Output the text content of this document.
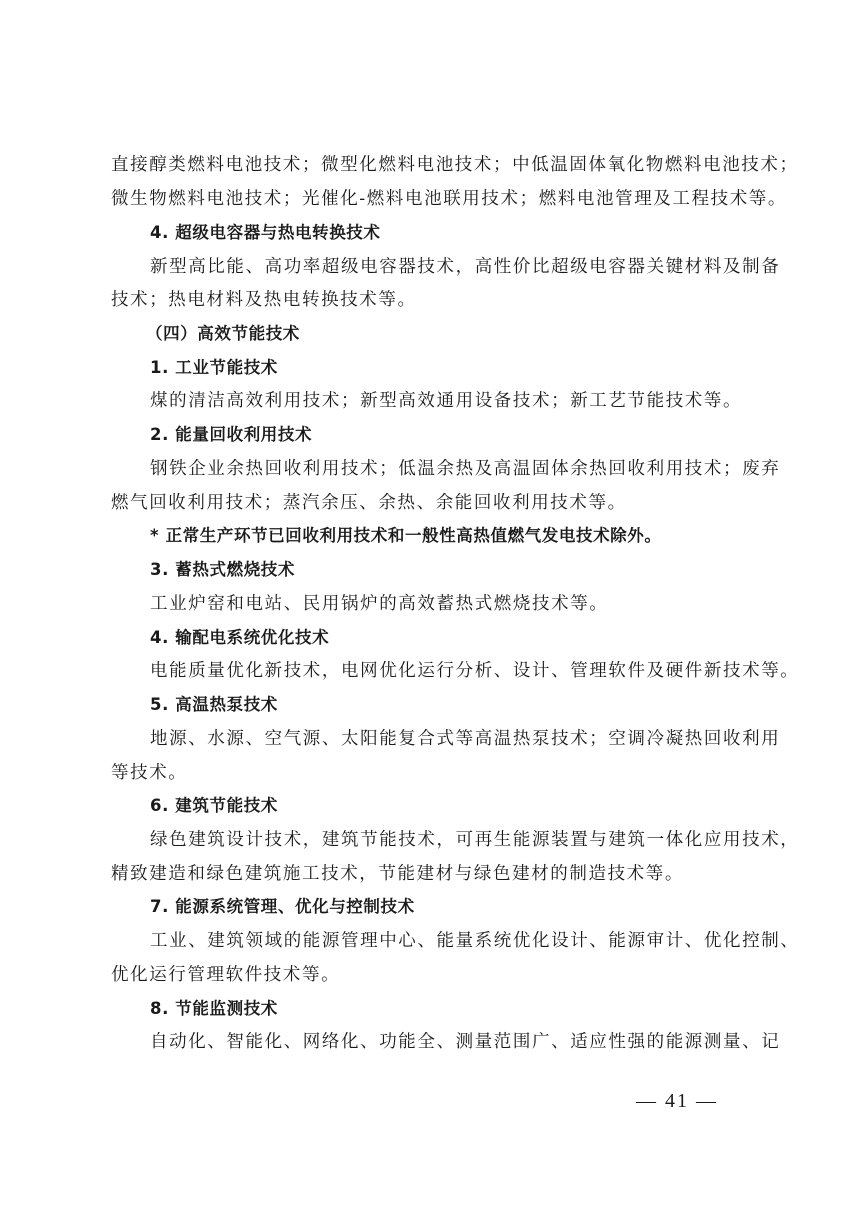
直接醇类燃料电池技术；微型化燃料电池技术；中低温固体氧化物燃料电池技术；
微生物燃料电池技术；光催化-燃料电池联用技术；燃料电池管理及工程技术等。
4. 超级电容器与热电转换技术
新型高比能、高功率超级电容器技术，高性价比超级电容器关键材料及制备
技术；热电材料及热电转换技术等。
（四）高效节能技术
1. 工业节能技术
煤的清洁高效利用技术；新型高效通用设备技术；新工艺节能技术等。
2. 能量回收利用技术
钢铁企业余热回收利用技术；低温余热及高温固体余热回收利用技术；废弃
燃气回收利用技术；蒸汽余压、余热、余能回收利用技术等。
* 正常生产环节已回收利用技术和一般性高热值燃气发电技术除外。
3. 蓄热式燃烧技术
工业炉窑和电站、民用锅炉的高效蓄热式燃烧技术等。
4. 输配电系统优化技术
电能质量优化新技术，电网优化运行分析、设计、管理软件及硬件新技术等。
5. 高温热泵技术
地源、水源、空气源、太阳能复合式等高温热泵技术；空调冷凝热回收利用
等技术。
6. 建筑节能技术
绿色建筑设计技术，建筑节能技术，可再生能源装置与建筑一体化应用技术，
精致建造和绿色建筑施工技术，节能建材与绿色建材的制造技术等。
7. 能源系统管理、优化与控制技术
工业、建筑领域的能源管理中心、能量系统优化设计、能源审计、优化控制、
优化运行管理软件技术等。
8. 节能监测技术
自动化、智能化、网络化、功能全、测量范围广、适应性强的能源测量、记
— 41 —
